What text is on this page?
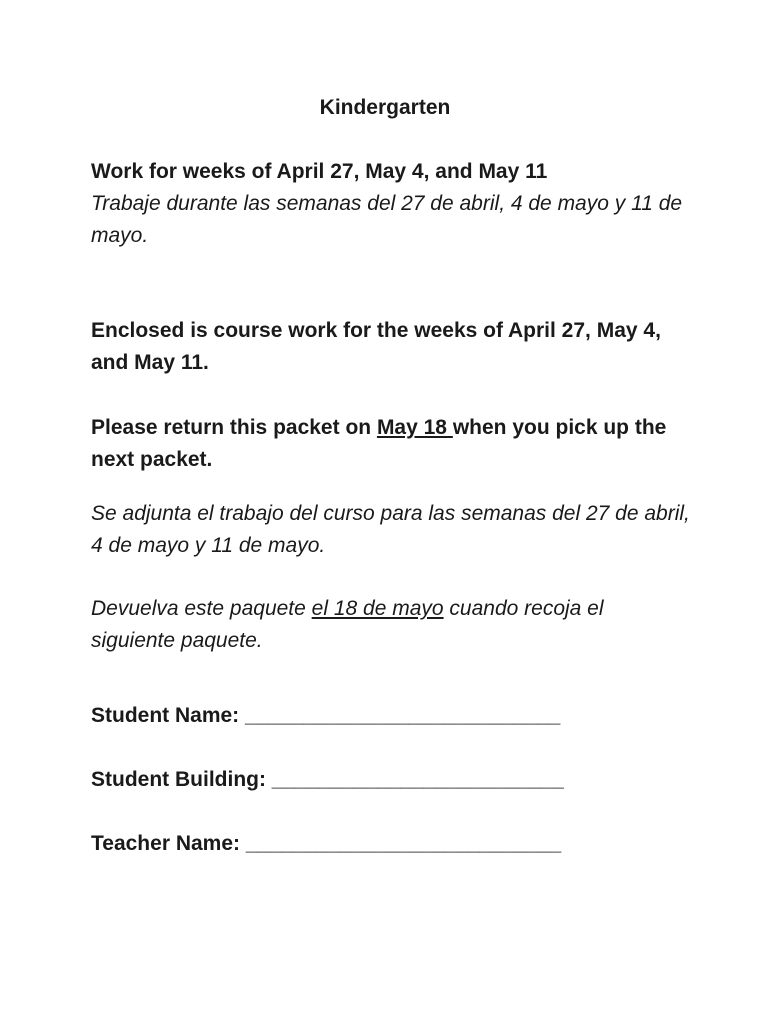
Kindergarten
Work for weeks of April 27, May 4, and May 11
Trabaje durante las semanas del 27 de abril, 4 de mayo y 11 de mayo.
Enclosed is course work for the weeks of April 27, May 4, and May 11.
Please return this packet on May 18 when you pick up the next packet.
Se adjunta el trabajo del curso para las semanas del 27 de abril, 4 de mayo y 11 de mayo.
Devuelva este paquete el 18 de mayo cuando recoja el siguiente paquete.
Student Name: ___________________________
Student Building: _________________________
Teacher Name: ___________________________
